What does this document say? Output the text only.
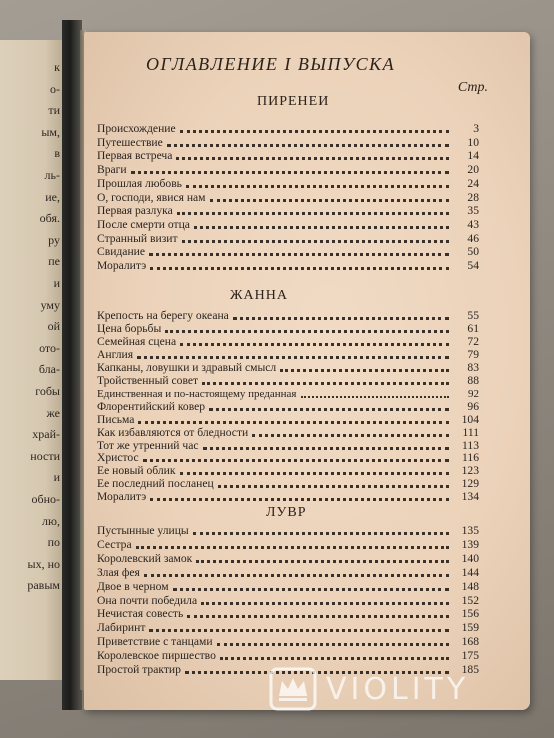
к
о-
ти
ым,
в
ль-
ие,
обя.
ру
пе
и
уму
ой
ото-
бла-
гобы
же
храй-
ности
и
обно-
лю,
по
ых, но
равым
ОГЛАВЛЕНИЕ I ВЫПУСКА
Стр.
ПИРЕНЕИ
Происхождение	3
Путешествие	10
Первая встреча	14
Враги	20
Прошлая любовь	24
О, господи, явися нам	28
Первая разлука	35
После смерти отца	43
Странный визит	46
Свидание	50
Моралитэ	54
ЖАННА
Крепость на берегу океана	55
Цена борьбы	61
Семейная сцена	72
Англия	79
Капканы, ловушки и здравый смысл	83
Тройственный совет	88
Единственная и по-настоящему преданная	92
Флорентийский ковер	96
Письма	104
Как избавляются от бледности	111
Тот же утренний час	113
Христос	116
Ее новый облик	123
Ее последний посланец	129
Моралитэ	134
ЛУВР
Пустынные улицы	135
Сестра	139
Королевский замок	140
Злая фея	144
Двое в черном	148
Она почти победила	152
Нечистая совесть	156
Лабиринт	159
Приветствие с танцами	168
Королевское пиршество	175
Простой трактир	185
VIOLITY
